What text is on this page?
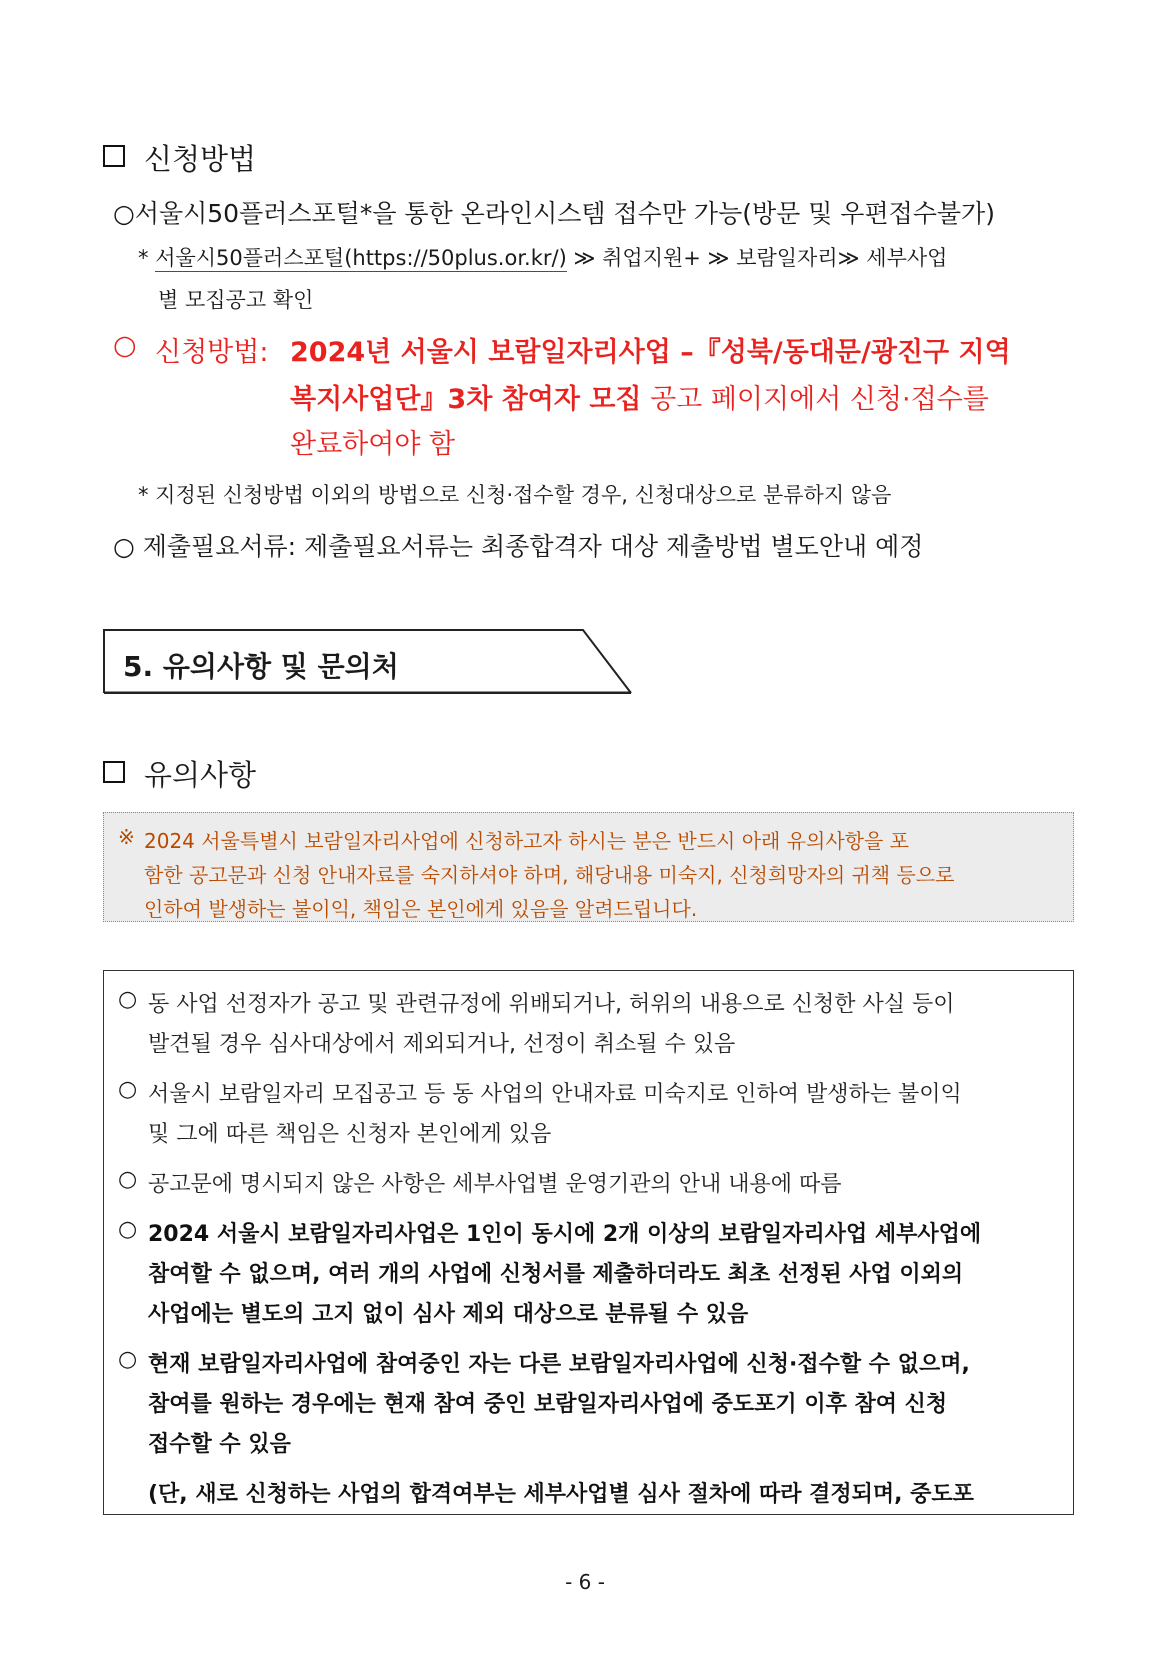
신청방법
○서울시50플러스포털*을 통한 온라인시스템 접수만 가능(방문 및 우편접수불가)
* 서울시50플러스포털(https://50plus.or.kr/) ≫ 취업지원+ ≫ 보람일자리≫ 세부사업
별 모집공고 확인
○ 신청방법: 2024년 서울시 보람일자리사업 –『성북/동대문/광진구 지역
복지사업단』3차 참여자 모집 공고 페이지에서 신청·접수를
완료하여야 함
* 지정된 신청방법 이외의 방법으로 신청·접수할 경우, 신청대상으로 분류하지 않음
○ 제출필요서류: 제출필요서류는 최종합격자 대상 제출방법 별도안내 예정
5. 유의사항 및 문의처
유의사항
※ 2024 서울특별시 보람일자리사업에 신청하고자 하시는 분은 반드시 아래 유의사항을 포
함한 공고문과 신청 안내자료를 숙지하셔야 하며, 해당내용 미숙지, 신청희망자의 귀책 등으로
인하여 발생하는 불이익, 책임은 본인에게 있음을 알려드립니다.
○ 동 사업 선정자가 공고 및 관련규정에 위배되거나, 허위의 내용으로 신청한 사실 등이
발견될 경우 심사대상에서 제외되거나, 선정이 취소될 수 있음
○ 서울시 보람일자리 모집공고 등 동 사업의 안내자료 미숙지로 인하여 발생하는 불이익
및 그에 따른 책임은 신청자 본인에게 있음
○ 공고문에 명시되지 않은 사항은 세부사업별 운영기관의 안내 내용에 따름
○ 2024 서울시 보람일자리사업은 1인이 동시에 2개 이상의 보람일자리사업 세부사업에
참여할 수 없으며, 여러 개의 사업에 신청서를 제출하더라도 최초 선정된 사업 이외의
사업에는 별도의 고지 없이 심사 제외 대상으로 분류될 수 있음
○ 현재 보람일자리사업에 참여중인 자는 다른 보람일자리사업에 신청·접수할 수 없으며,
참여를 원하는 경우에는 현재 참여 중인 보람일자리사업에 중도포기 이후 참여 신청
접수할 수 있음
(단, 새로 신청하는 사업의 합격여부는 세부사업별 심사 절차에 따라 결정되며, 중도포
- 6 -
